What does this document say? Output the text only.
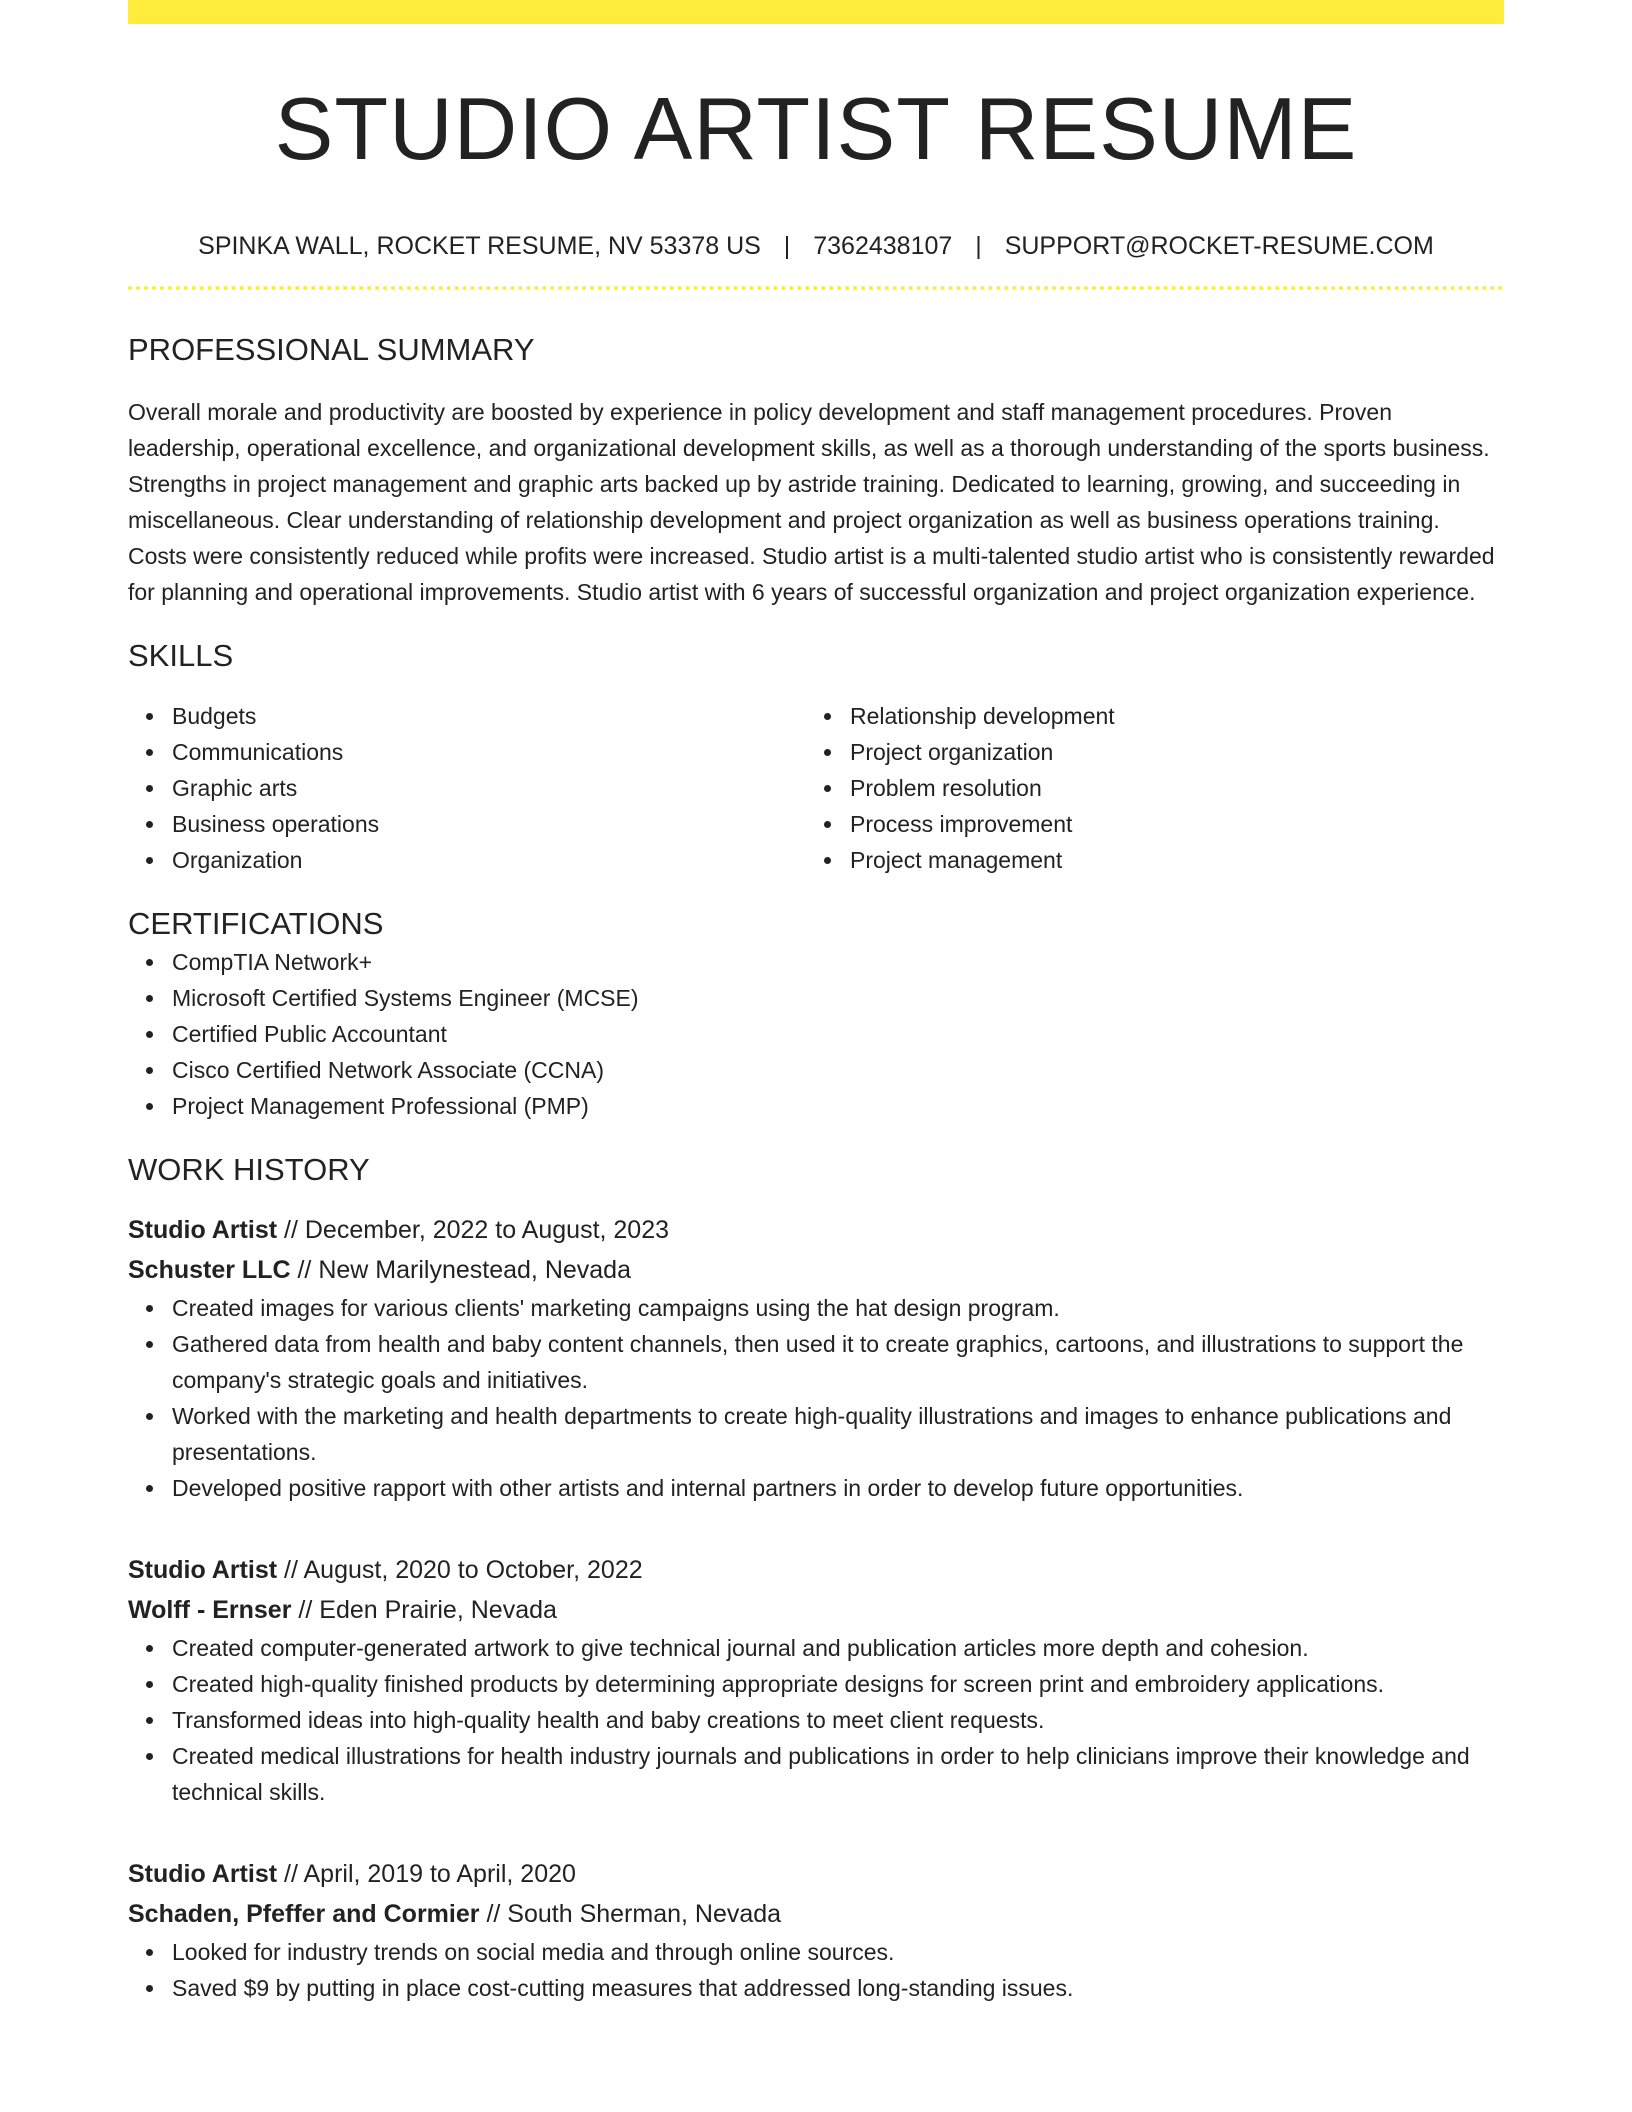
STUDIO ARTIST RESUME
SPINKA WALL, ROCKET RESUME, NV 53378 US | 7362438107 | SUPPORT@ROCKET-RESUME.COM
PROFESSIONAL SUMMARY

Overall morale and productivity are boosted by experience in policy development and staff management procedures. Proven leadership, operational excellence, and organizational development skills, as well as a thorough understanding of the sports business. Strengths in project management and graphic arts backed up by astride training. Dedicated to learning, growing, and succeeding in miscellaneous. Clear understanding of relationship development and project organization as well as business operations training. Costs were consistently reduced while profits were increased. Studio artist is a multi-talented studio artist who is consistently rewarded for planning and operational improvements. Studio artist with 6 years of successful organization and project organization experience.

SKILLS
Budgets
Communications
Graphic arts
Business operations
Organization
Relationship development
Project organization
Problem resolution
Process improvement
Project management
CERTIFICATIONS
CompTIA Network+
Microsoft Certified Systems Engineer (MCSE)
Certified Public Accountant
Cisco Certified Network Associate (CCNA)
Project Management Professional (PMP)
WORK HISTORY
Studio Artist // December, 2022 to August, 2023
Schuster LLC // New Marilynestead, Nevada
Created images for various clients' marketing campaigns using the hat design program.
Gathered data from health and baby content channels, then used it to create graphics, cartoons, and illustrations to support the company's strategic goals and initiatives.
Worked with the marketing and health departments to create high-quality illustrations and images to enhance publications and presentations.
Developed positive rapport with other artists and internal partners in order to develop future opportunities.
Studio Artist // August, 2020 to October, 2022
Wolff - Ernser // Eden Prairie, Nevada
Created computer-generated artwork to give technical journal and publication articles more depth and cohesion.
Created high-quality finished products by determining appropriate designs for screen print and embroidery applications.
Transformed ideas into high-quality health and baby creations to meet client requests.
Created medical illustrations for health industry journals and publications in order to help clinicians improve their knowledge and technical skills.
Studio Artist // April, 2019 to April, 2020
Schaden, Pfeffer and Cormier // South Sherman, Nevada
Looked for industry trends on social media and through online sources.
Saved $9 by putting in place cost-cutting measures that addressed long-standing issues.
